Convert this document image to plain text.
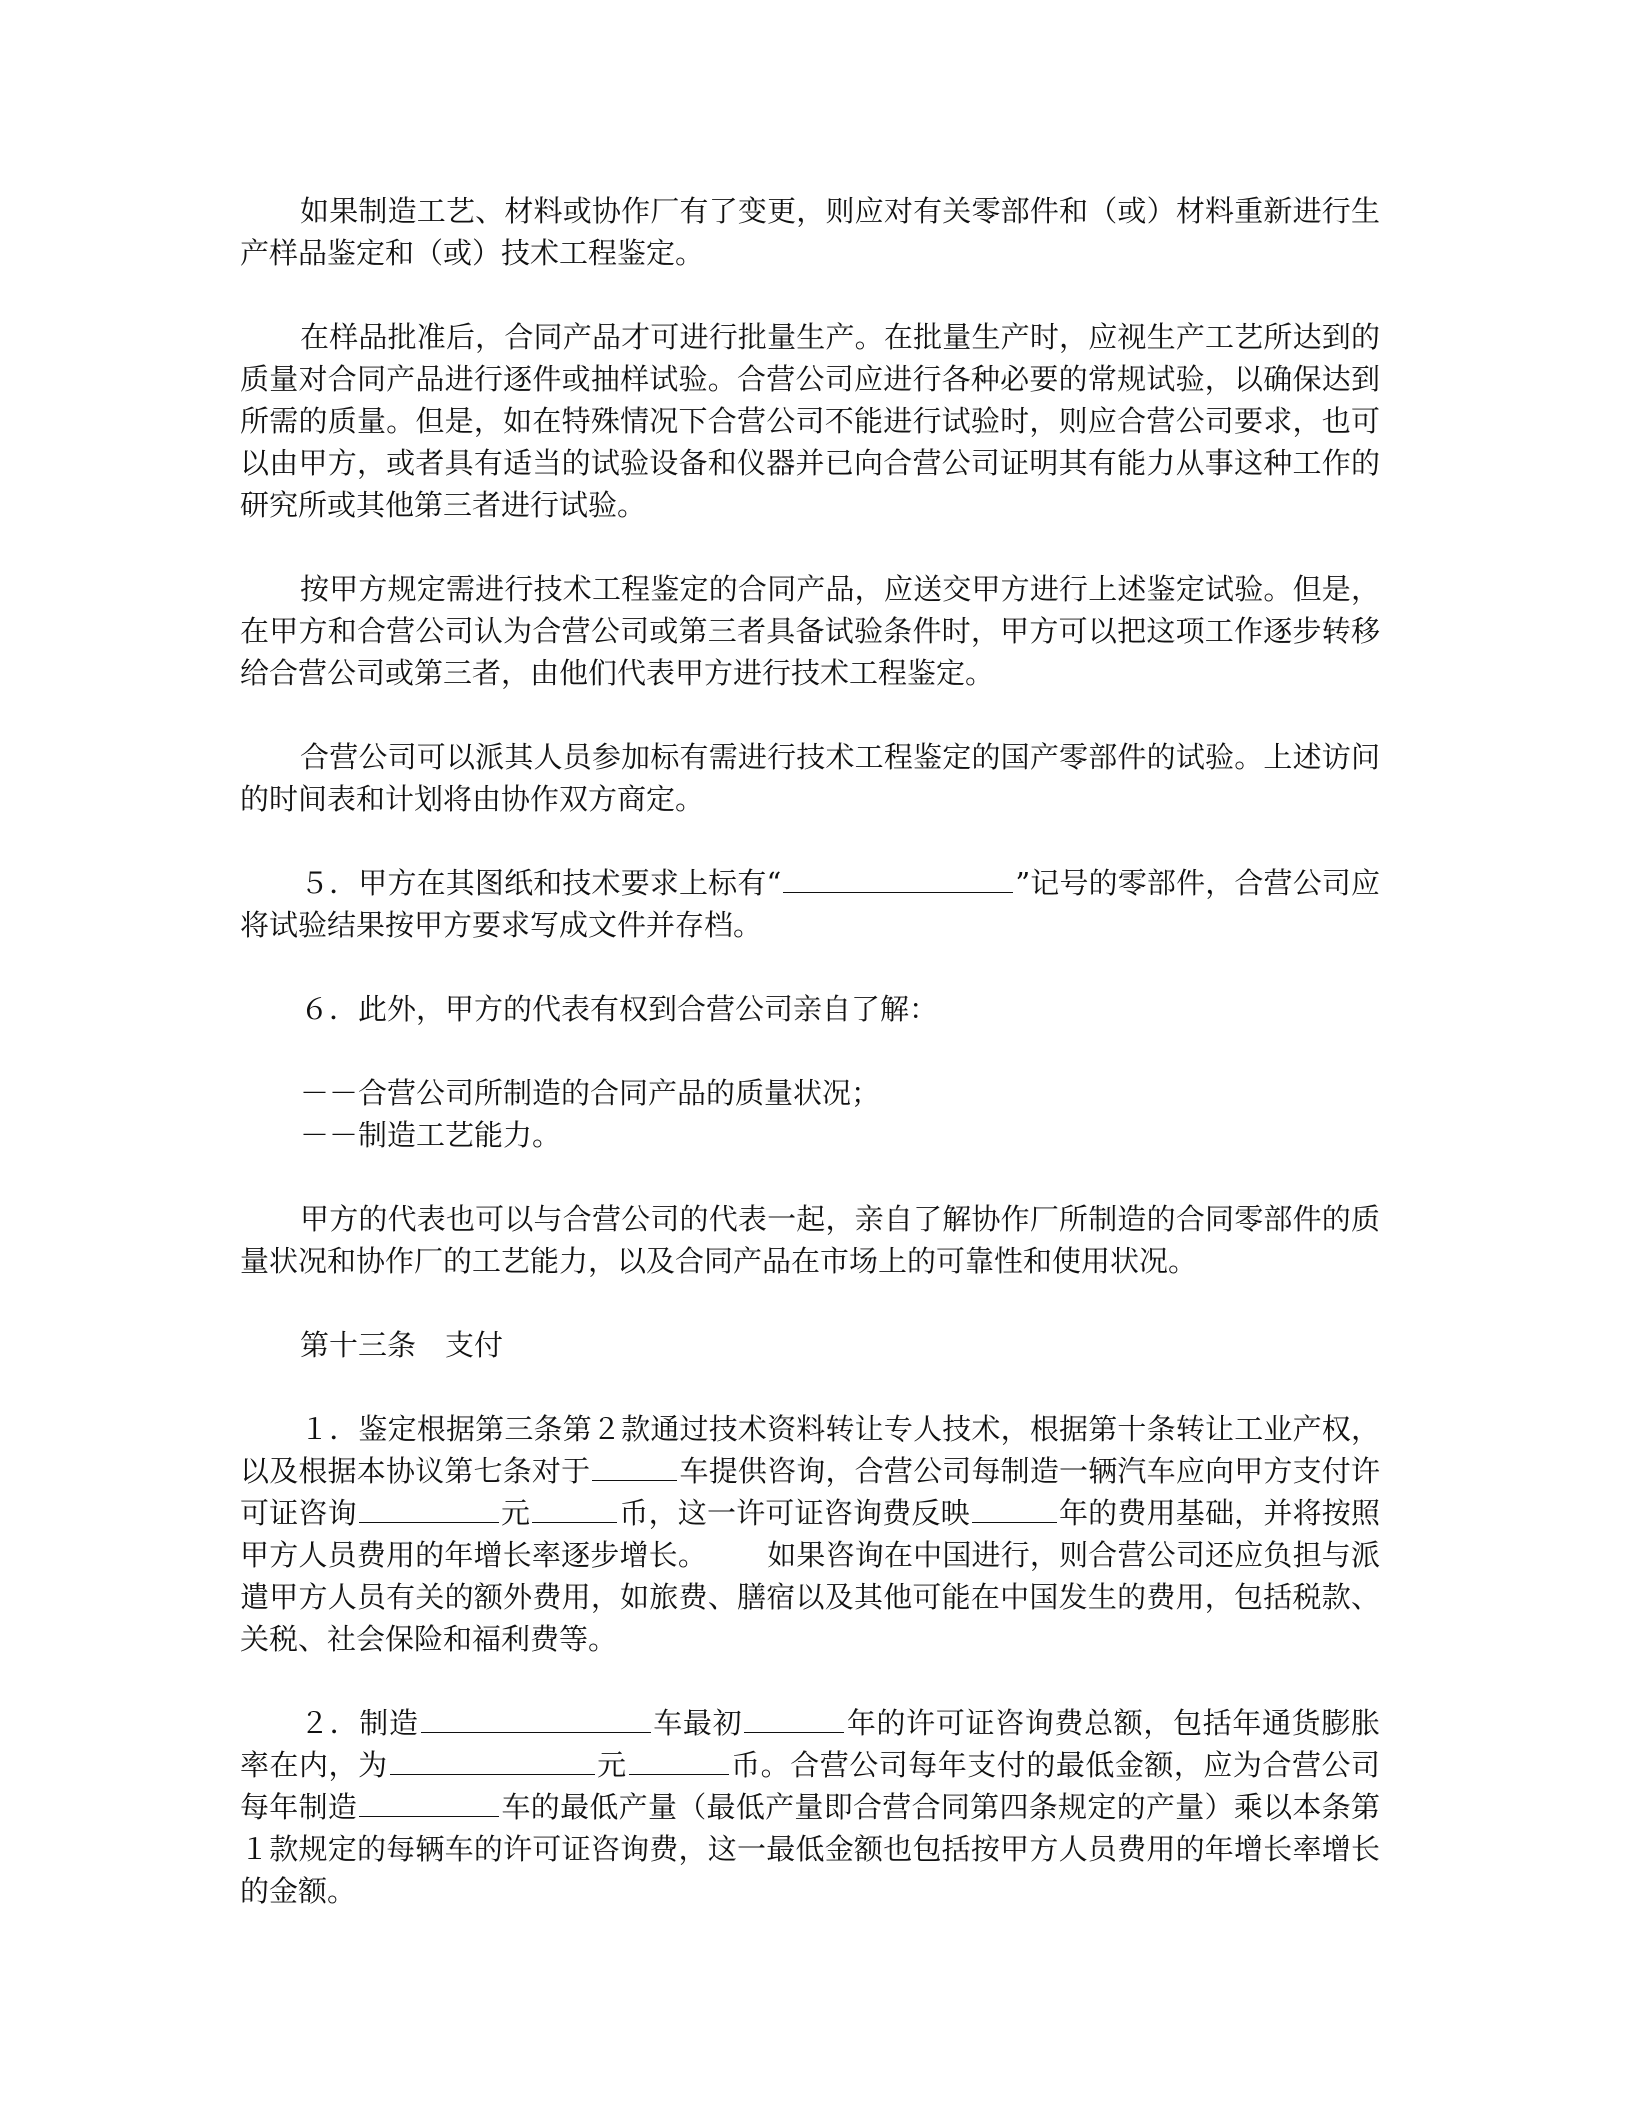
如果制造工艺、材料或协作厂有了变更，则应对有关零部件和（或）材料重新进行生产样品鉴定和（或）技术工程鉴定。

在样品批准后，合同产品才可进行批量生产。在批量生产时，应视生产工艺所达到的质量对合同产品进行逐件或抽样试验。合营公司应进行各种必要的常规试验，以确保达到所需的质量。但是，如在特殊情况下合营公司不能进行试验时，则应合营公司要求，也可以由甲方，或者具有适当的试验设备和仪器并已向合营公司证明其有能力从事这种工作的研究所或其他第三者进行试验。

按甲方规定需进行技术工程鉴定的合同产品，应送交甲方进行上述鉴定试验。但是，在甲方和合营公司认为合营公司或第三者具备试验条件时，甲方可以把这项工作逐步转移给合营公司或第三者，由他们代表甲方进行技术工程鉴定。

合营公司可以派其人员参加标有需进行技术工程鉴定的国产零部件的试验。上述访问的时间表和计划将由协作双方商定。

５．甲方在其图纸和技术要求上标有“	”记号的零部件，合营公司应将试验结果按甲方要求写成文件并存档。

６．此外，甲方的代表有权到合营公司亲自了解：

－－合营公司所制造的合同产品的质量状况；

－－制造工艺能力。

甲方的代表也可以与合营公司的代表一起，亲自了解协作厂所制造的合同零部件的质量状况和协作厂的工艺能力，以及合同产品在市场上的可靠性和使用状况。

第十三条　支付

１．鉴定根据第三条第２款通过技术资料转让专人技术，根据第十条转让工业产权，以及根据本协议第七条对于	车提供咨询，合营公司每制造一辆汽车应向甲方支付许可证咨询	元	币，这一许可证咨询费反映	年的费用基础，并将按照甲方人员费用的年增长率逐步增长。 如果咨询在中国进行，则合营公司还应负担与派遣甲方人员有关的额外费用，如旅费、膳宿以及其他可能在中国发生的费用，包括税款、关税、社会保险和福利费等。

２．制造	车最初	年的许可证咨询费总额，包括年通货膨胀率在内，为	元	币。合营公司每年支付的最低金额，应为合营公司每年制造	车的最低产量（最低产量即合营合同第四条规定的产量）乘以本条第１款规定的每辆车的许可证咨询费，这一最低金额也包括按甲方人员费用的年增长率增长的金额。
